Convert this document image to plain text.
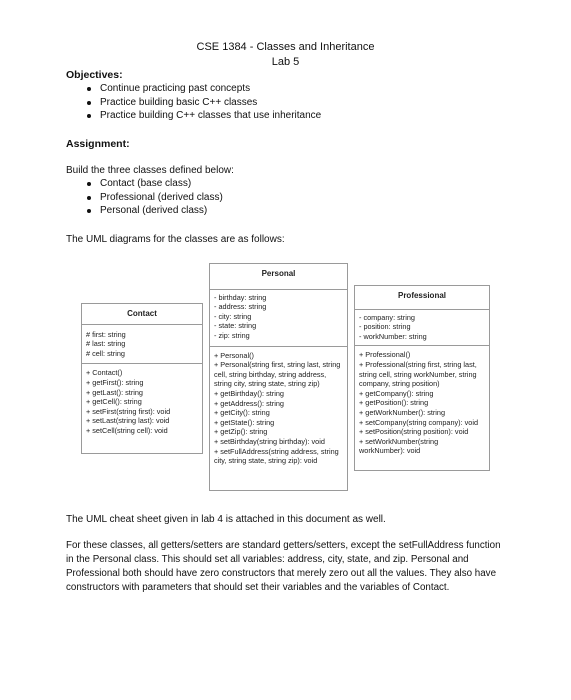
CSE 1384 - Classes and Inheritance
Lab 5
Objectives:
Continue practicing past concepts
Practice building basic C++ classes
Practice building C++ classes that use inheritance
Assignment:
Build the three classes defined below:
Contact (base class)
Professional (derived class)
Personal (derived class)
The UML diagrams for the classes are as follows:
Contact
# first: string
# last: string
# cell: string
+ Contact()
+ getFirst(): string
+ getLast(): string
+ getCell(): string
+ setFirst(string first): void
+ setLast(string last): void
+ setCell(string cell): void
Personal
- birthday: string
- address: string
- city: string
- state: string
- zip: string
+ Personal()
+ Personal(string first, string last, string cell, string birthday, string address, string city, string state, string zip)
+ getBirthday(): string
+ getAddress(): string
+ getCity(): string
+ getState(): string
+ getZip(): string
+ setBirthday(string birthday): void
+ setFullAddress(string address, string city, string state, string zip): void
Professional
- company: string
- position: string
- workNumber: string
+ Professional()
+ Professional(string first, string last, string cell, string workNumber, string company, string position)
+ getCompany(): string
+ getPosition(): string
+ getWorkNumber(): string
+ setCompany(string company): void
+ setPosition(string position): void
+ setWorkNumber(string workNumber): void
The UML cheat sheet given in lab 4 is attached in this document as well.
For these classes, all getters/setters are standard getters/setters, except the setFullAddress function in the Personal class. This should set all variables: address, city, state, and zip. Personal and Professional both should have zero constructors that merely zero out all the values. They also have constructors with parameters that should set their variables and the variables of Contact.
